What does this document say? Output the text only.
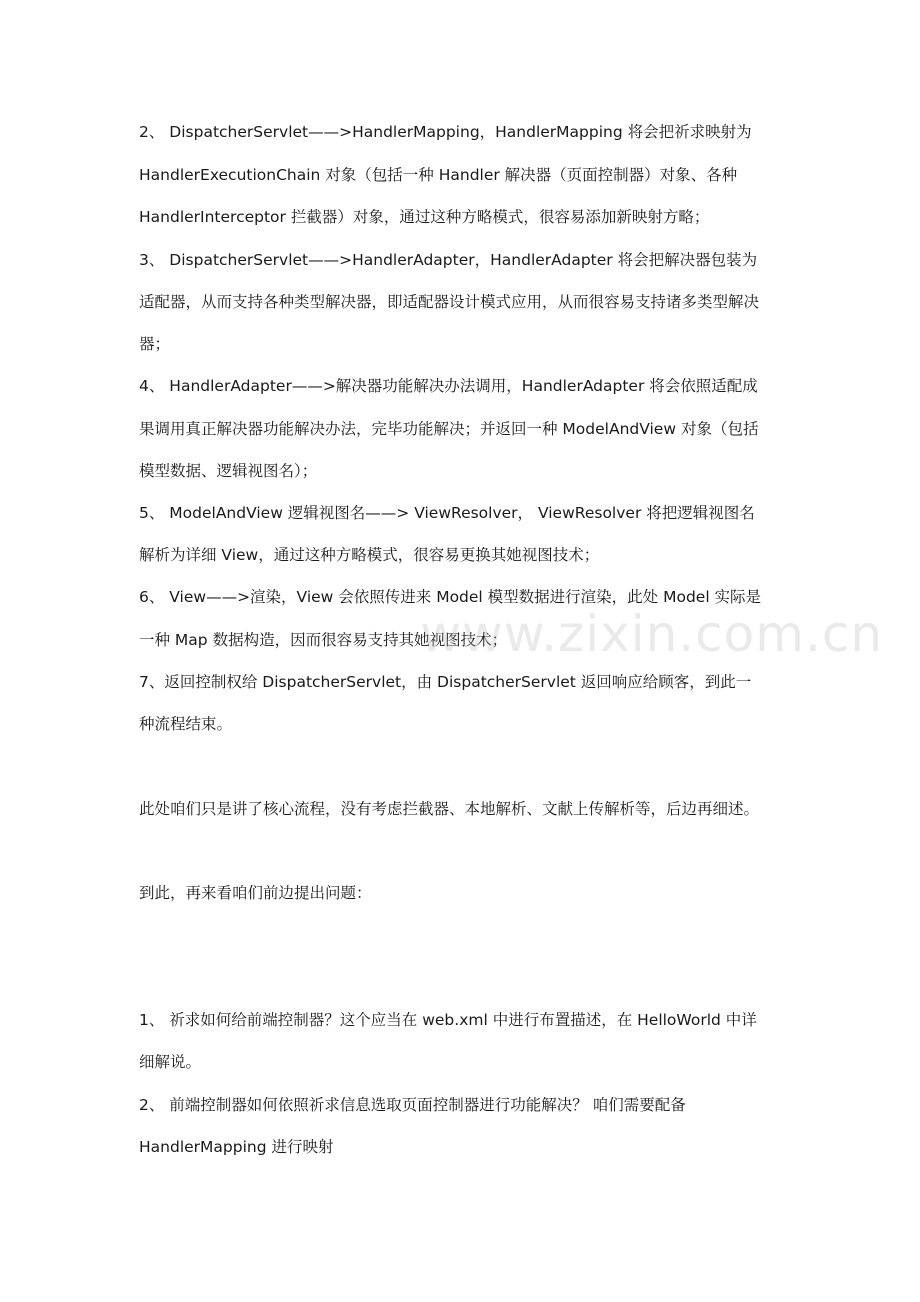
2、 DispatcherServlet——>HandlerMapping，HandlerMapping 将会把祈求映射为
HandlerExecutionChain 对象（包括一种 Handler 解决器（页面控制器）对象、各种
HandlerInterceptor 拦截器）对象，通过这种方略模式，很容易添加新映射方略；
3、 DispatcherServlet——>HandlerAdapter，HandlerAdapter 将会把解决器包装为
适配器，从而支持各种类型解决器，即适配器设计模式应用，从而很容易支持诸多类型解决
器；
4、 HandlerAdapter——>解决器功能解决办法调用，HandlerAdapter 将会依照适配成
果调用真正解决器功能解决办法，完毕功能解决；并返回一种 ModelAndView 对象（包括
模型数据、逻辑视图名）；
5、 ModelAndView 逻辑视图名——> ViewResolver， ViewResolver 将把逻辑视图名
解析为详细 View，通过这种方略模式，很容易更换其她视图技术；
6、 View——>渲染，View 会依照传进来 Model 模型数据进行渲染，此处 Model 实际是
一种 Map 数据构造，因而很容易支持其她视图技术；
7、返回控制权给 DispatcherServlet，由 DispatcherServlet 返回响应给顾客，到此一
种流程结束。
此处咱们只是讲了核心流程，没有考虑拦截器、本地解析、文献上传解析等，后边再细述。
到此，再来看咱们前边提出问题：
1、 祈求如何给前端控制器？这个应当在 web.xml 中进行布置描述，在 HelloWorld 中详
细解说。
2、 前端控制器如何依照祈求信息选取页面控制器进行功能解决？ 咱们需要配备
HandlerMapping 进行映射
www.zixin.com.cn
